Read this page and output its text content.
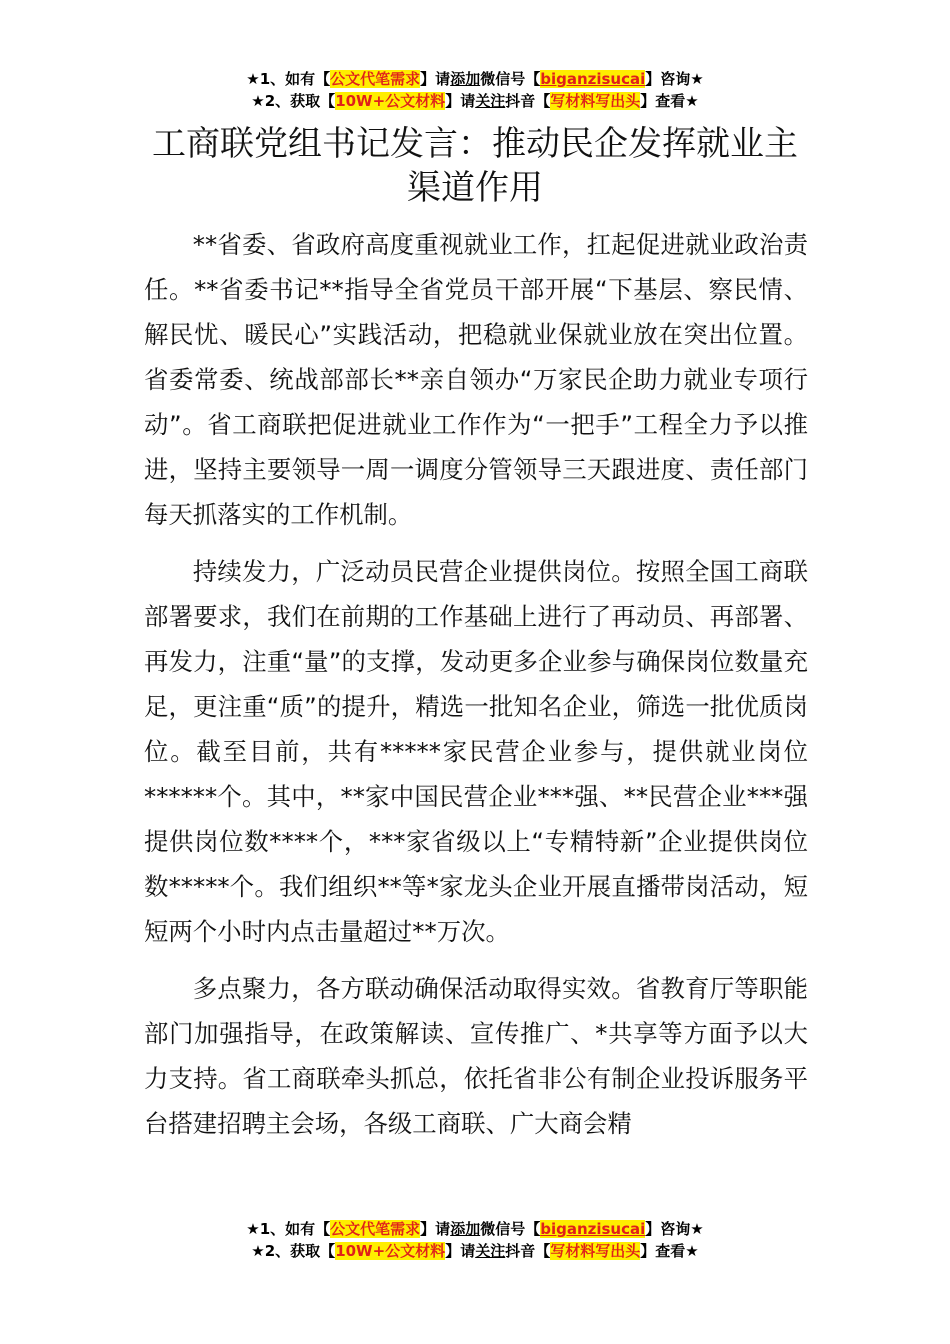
★1、如有【公文代笔需求】请添加微信号【biganzisucai】咨询★
★2、获取【10W+公文材料】请关注抖音【写材料写出头】查看★
工商联党组书记发言：推动民企发挥就业主渠道作用

**省委、省政府高度重视就业工作，扛起促进就业政治责任。**省委书记**指导全省党员干部开展“下基层、察民情、解民忧、暖民心”实践活动，把稳就业保就业放在突出位置。省委常委、统战部部长**亲自领办“万家民企助力就业专项行动”。省工商联把促进就业工作作为“一把手”工程全力予以推进，坚持主要领导一周一调度分管领导三天跟进度、责任部门每天抓落实的工作机制。

持续发力，广泛动员民营企业提供岗位。按照全国工商联部署要求，我们在前期的工作基础上进行了再动员、再部署、再发力，注重“量”的支撑，发动更多企业参与确保岗位数量充足，更注重“质”的提升，精选一批知名企业，筛选一批优质岗位。截至目前，共有*****家民营企业参与，提供就业岗位******个。其中，**家中国民营企业***强、**民营企业***强提供岗位数****个，***家省级以上“专精特新”企业提供岗位数*****个。我们组织**等*家龙头企业开展直播带岗活动，短短两个小时内点击量超过**万次。

多点聚力，各方联动确保活动取得实效。省教育厅等职能部门加强指导，在政策解读、宣传推广、*共享等方面予以大力支持。省工商联牵头抓总，依托省非公有制企业投诉服务平台搭建招聘主会场，各级工商联、广大商会精

★1、如有【公文代笔需求】请添加微信号【biganzisucai】咨询★
★2、获取【10W+公文材料】请关注抖音【写材料写出头】查看★
